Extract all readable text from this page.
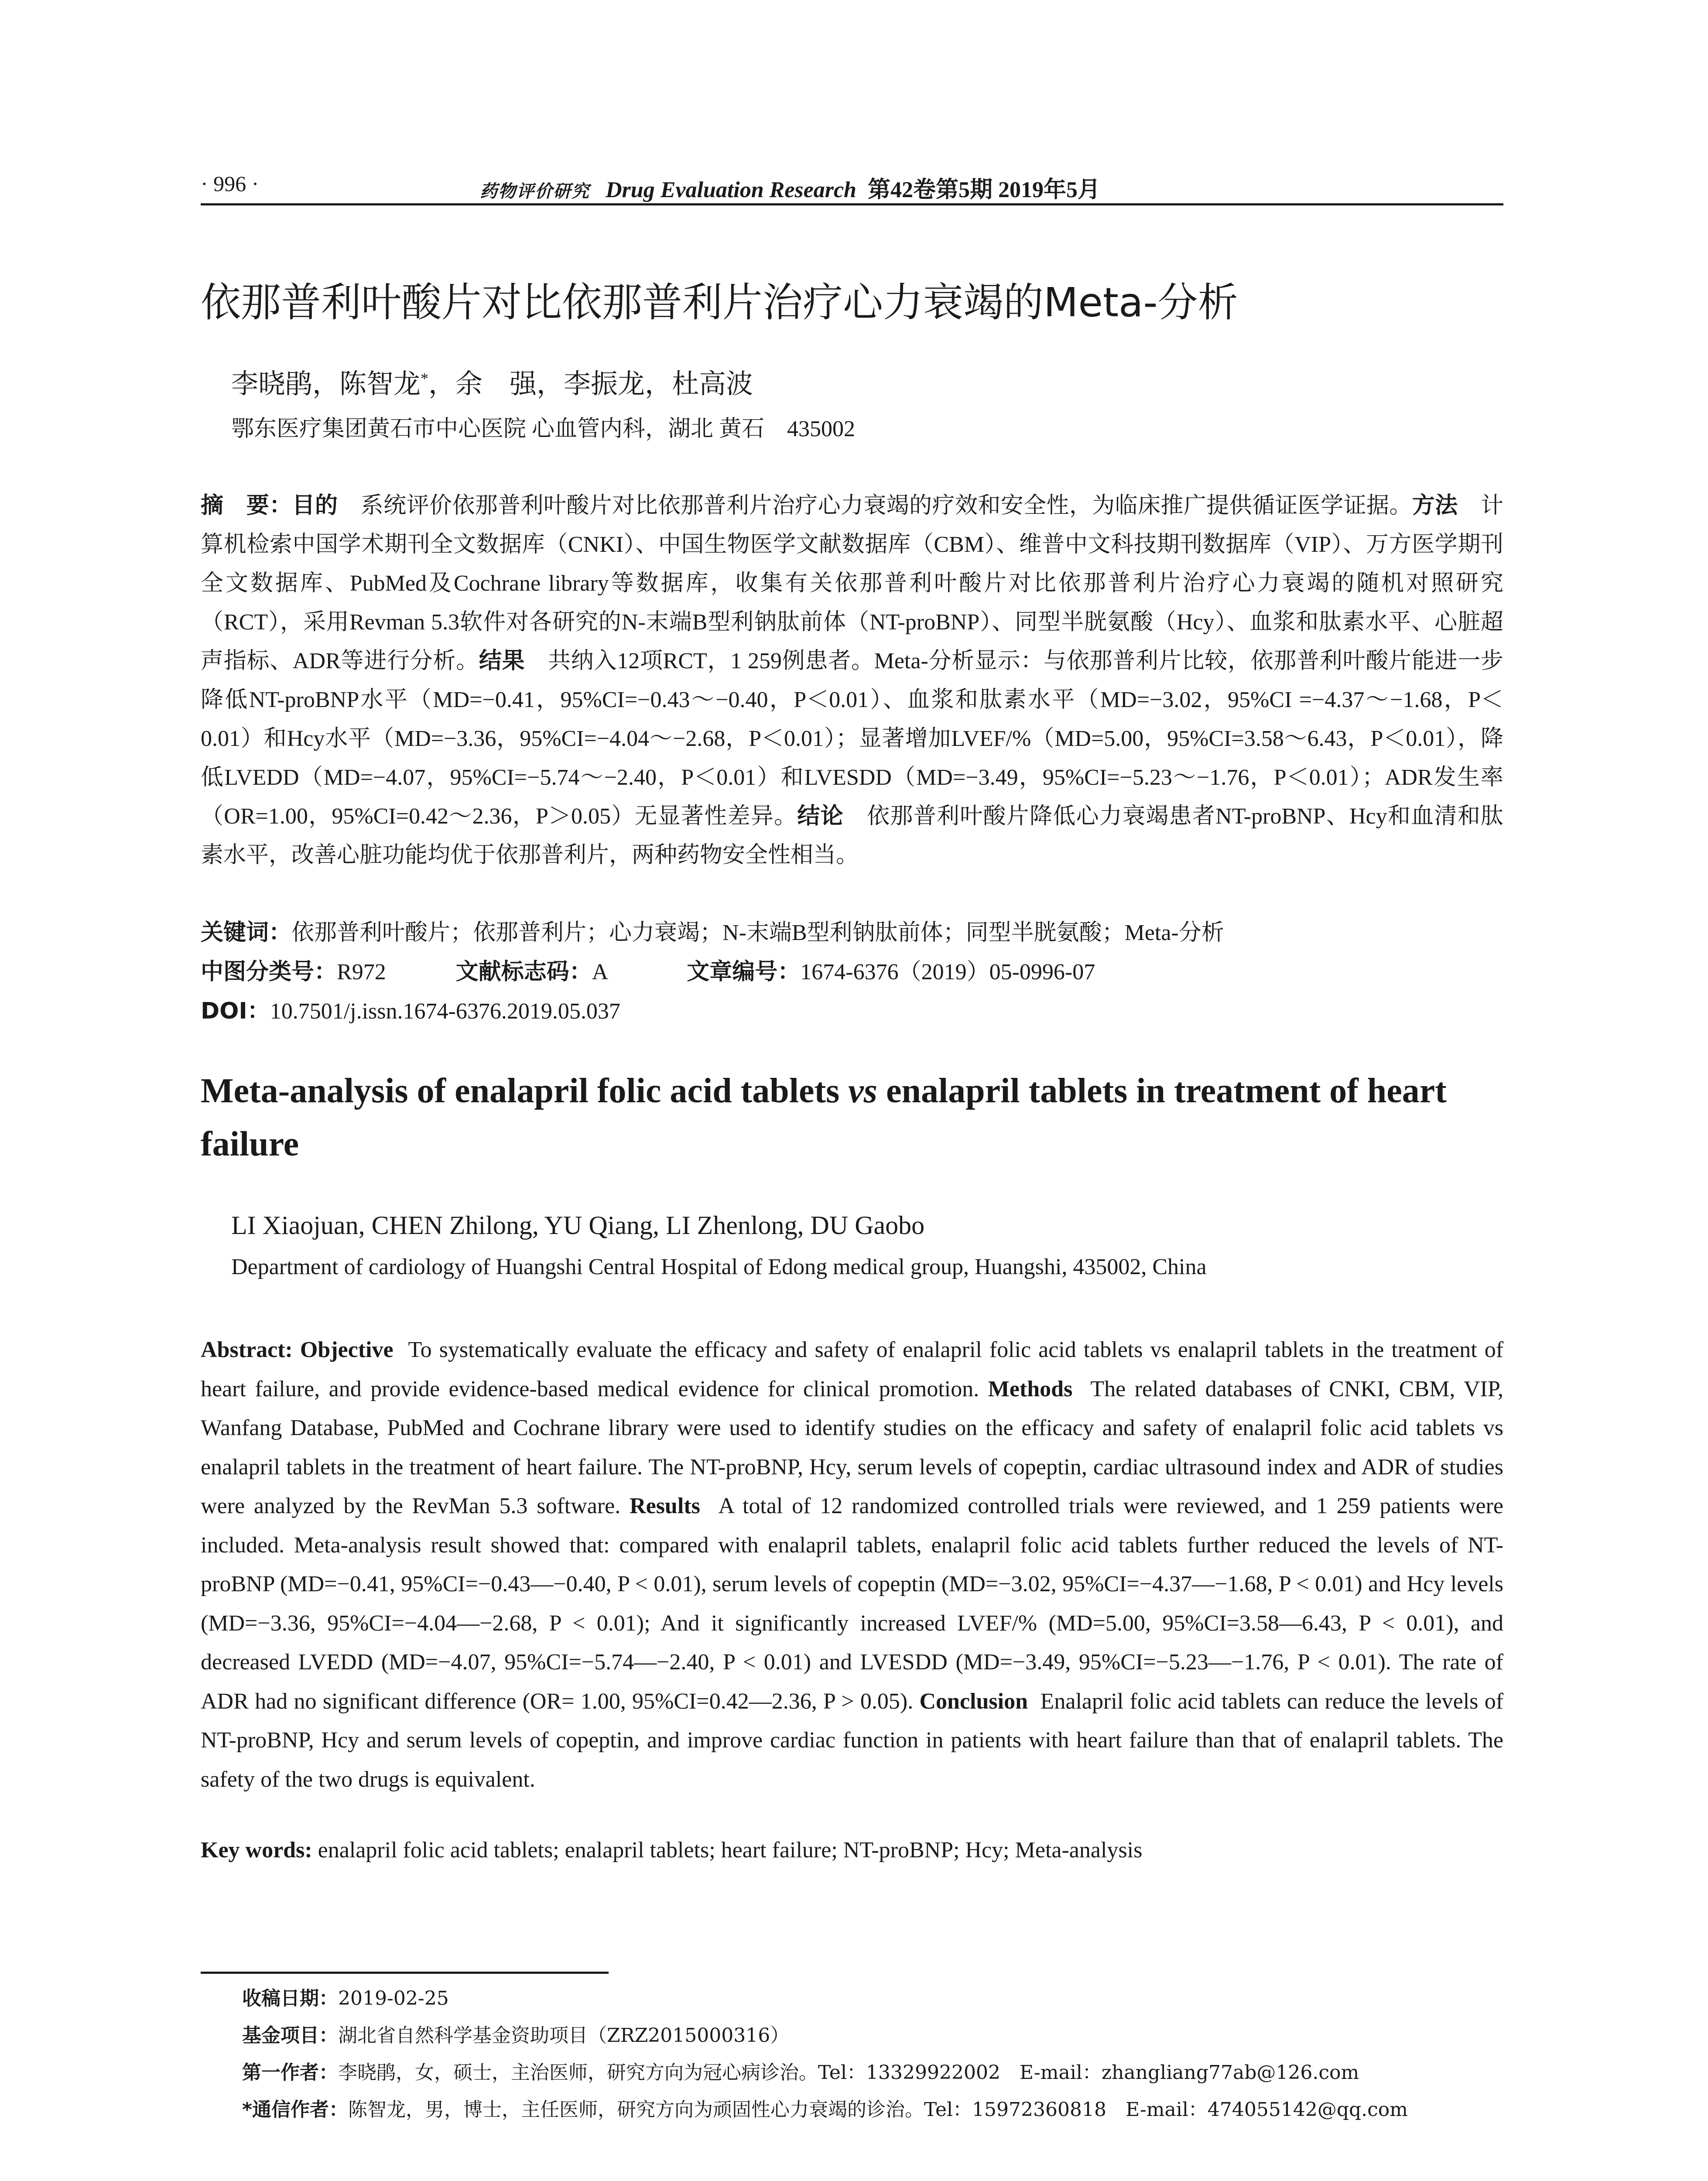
· 996 ·	药物评价研究 Drug Evaluation Research 第42卷第5期 2019年5月
依那普利叶酸片对比依那普利片治疗心力衰竭的Meta-分析
李晓鹃，陈智龙*，余　强，李振龙，杜高波
鄂东医疗集团黄石市中心医院 心血管内科，湖北 黄石　435002
摘　要：目的　 系统评价依那普利叶酸片对比依那普利片治疗心力衰竭的疗效和安全性，为临床推广提供循证医学证据。方法　 计算机检索中国学术期刊全文数据库（CNKI）、中国生物医学文献数据库（CBM）、维普中文科技期刊数据库（VIP）、万方医学期刊全文数据库、PubMed及Cochrane library等数据库，收集有关依那普利叶酸片对比依那普利片治疗心力衰竭的随机对照研究（RCT），采用Revman 5.3软件对各研究的N-末端B型利钠肽前体（NT-proBNP）、同型半胱氨酸（Hcy）、血浆和肽素水平、心脏超声指标、ADR等进行分析。结果　 共纳入12项RCT，1 259例患者。Meta-分析显示：与依那普利片比较，依那普利叶酸片能进一步降低NT-proBNP水平（MD=−0.41，95%CI=−0.43～−0.40，P＜0.01）、血浆和肽素水平（MD=−3.02，95%CI =−4.37～−1.68，P＜0.01）和Hcy水平（MD=−3.36，95%CI=−4.04～−2.68，P＜0.01）；显著增加LVEF/%（MD=5.00，95%CI=3.58～6.43，P＜0.01），降低LVEDD（MD=−4.07，95%CI=−5.74～−2.40，P＜0.01）和LVESDD（MD=−3.49，95%CI=−5.23～−1.76，P＜0.01）；ADR发生率（OR=1.00，95%CI=0.42～2.36，P＞0.05）无显著性差异。结论　 依那普利叶酸片降低心力衰竭患者NT-proBNP、Hcy和血清和肽素水平，改善心脏功能均优于依那普利片，两种药物安全性相当。
关键词：依那普利叶酸片；依那普利片；心力衰竭；N-末端B型利钠肽前体；同型半胱氨酸；Meta-分析
中图分类号：R972	文献标志码：A	文章编号：1674-6376（2019）05-0996-07
DOI：10.7501/j.issn.1674-6376.2019.05.037
Meta-analysis of enalapril folic acid tablets vs enalapril tablets in treatment of heart failure
LI Xiaojuan, CHEN Zhilong, YU Qiang, LI Zhenlong, DU Gaobo
Department of cardiology of Huangshi Central Hospital of Edong medical group, Huangshi, 435002, China
Abstract: Objective To systematically evaluate the efficacy and safety of enalapril folic acid tablets vs enalapril tablets in the treatment of heart failure, and provide evidence-based medical evidence for clinical promotion. Methods The related databases of CNKI, CBM, VIP, Wanfang Database, PubMed and Cochrane library were used to identify studies on the efficacy and safety of enalapril folic acid tablets vs enalapril tablets in the treatment of heart failure. The NT-proBNP, Hcy, serum levels of copeptin, cardiac ultrasound index and ADR of studies were analyzed by the RevMan 5.3 software. Results A total of 12 randomized controlled trials were reviewed, and 1 259 patients were included. Meta-analysis result showed that: compared with enalapril tablets, enalapril folic acid tablets further reduced the levels of NT-proBNP (MD=−0.41, 95%CI=−0.43—−0.40, P < 0.01), serum levels of copeptin (MD=−3.02, 95%CI=−4.37—−1.68, P < 0.01) and Hcy levels (MD=−3.36, 95%CI=−4.04—−2.68, P < 0.01); And it significantly increased LVEF/% (MD=5.00, 95%CI=3.58—6.43, P < 0.01), and decreased LVEDD (MD=−4.07, 95%CI=−5.74—−2.40, P < 0.01) and LVESDD (MD=−3.49, 95%CI=−5.23—−1.76, P < 0.01). The rate of ADR had no significant difference (OR= 1.00, 95%CI=0.42—2.36, P > 0.05). Conclusion Enalapril folic acid tablets can reduce the levels of NT-proBNP, Hcy and serum levels of copeptin, and improve cardiac function in patients with heart failure than that of enalapril tablets. The safety of the two drugs is equivalent.
Key words: enalapril folic acid tablets; enalapril tablets; heart failure; NT-proBNP; Hcy; Meta-analysis
收稿日期：2019-02-25
基金项目：湖北省自然科学基金资助项目（ZRZ2015000316）
第一作者：李晓鹃，女，硕士，主治医师，研究方向为冠心病诊治。Tel：13329922002　E-mail：zhangliang77ab@126.com
*通信作者：陈智龙，男，博士，主任医师，研究方向为顽固性心力衰竭的诊治。Tel：15972360818　E-mail：474055142@qq.com
